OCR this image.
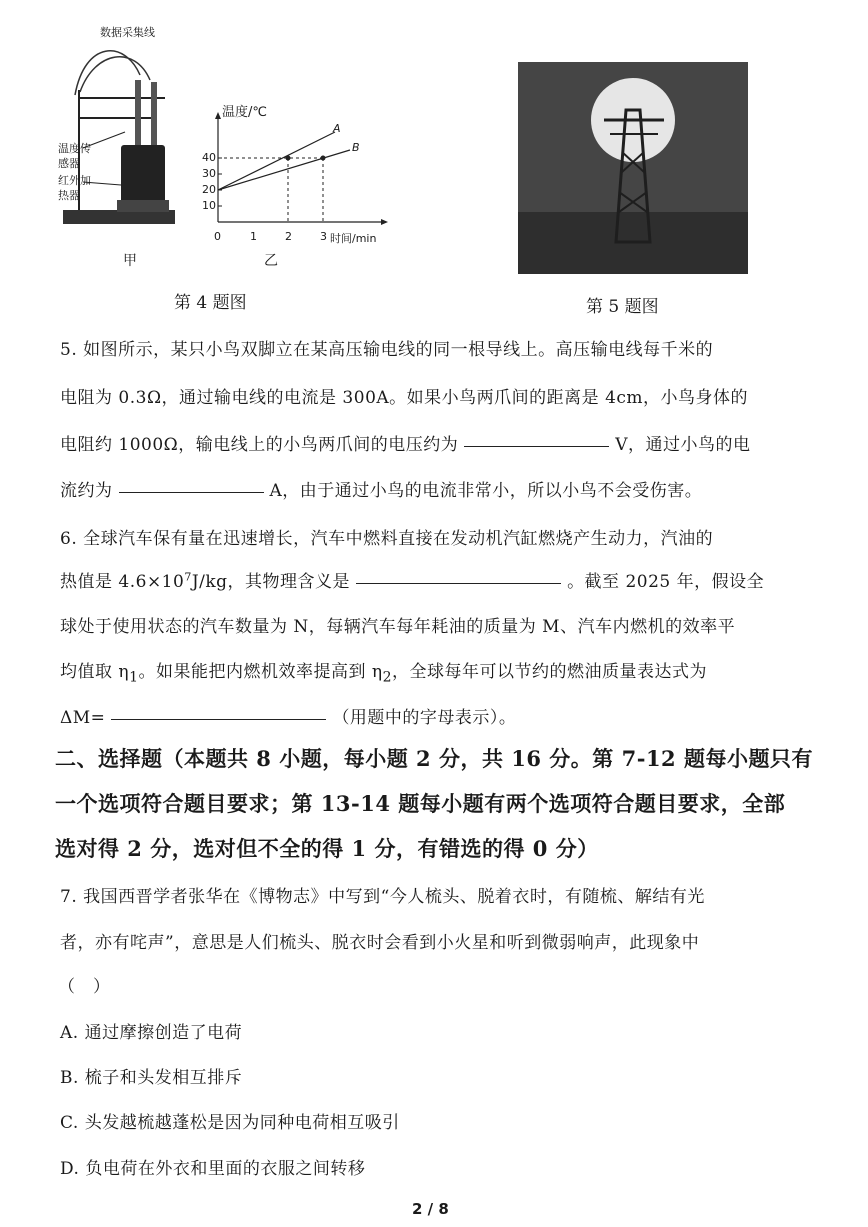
数据采集线
温度传
感器
红外加
热器
甲
温度/℃
时间/min
40
30
20
10
0	1	2	3
A
B
乙
第 4 题图	第 5 题图
5. 如图所示，某只小鸟双脚立在某高压输电线的同一根导线上。高压输电线每千米的
电阻为 0.3Ω，通过输电线的电流是 300A。如果小鸟两爪间的距离是 4cm，小鸟身体的
电阻约 1000Ω，输电线上的小鸟两爪间的电压约为	V，通过小鸟的电
流约为	A，由于通过小鸟的电流非常小，所以小鸟不会受伤害。
6. 全球汽车保有量在迅速增长，汽车中燃料直接在发动机汽缸燃烧产生动力，汽油的
热值是 $4.6\times 10^7J/kg$，其物理含义是	。截至 2025 年，假设全
球处于使用状态的汽车数量为 N，每辆汽车每年耗油的质量为 M、汽车内燃机的效率平
均值取 $\eta_1$。如果能把内燃机效率提高到 $\eta_2$，全球每年可以节约的燃油质量表达式为
ΔM=	（用题中的字母表示）。
二、选择题（本题共 8 小题，每小题 2 分，共 16 分。第 7-12 题每小题只有
一个选项符合题目要求；第 13-14 题每小题有两个选项符合题目要求，全部
选对得 2 分，选对但不全的得 1 分，有错选的得 0 分）
7. 我国西晋学者张华在《博物志》中写到“今人梳头、脱着衣时，有随梳、解结有光
者，亦有咤声”，意思是人们梳头、脱衣时会看到小火星和听到微弱响声，此现象中
（　）
A. 通过摩擦创造了电荷
B. 梳子和头发相互排斥
C. 头发越梳越蓬松是因为同种电荷相互吸引
D. 负电荷在外衣和里面的衣服之间转移
2 / 8
